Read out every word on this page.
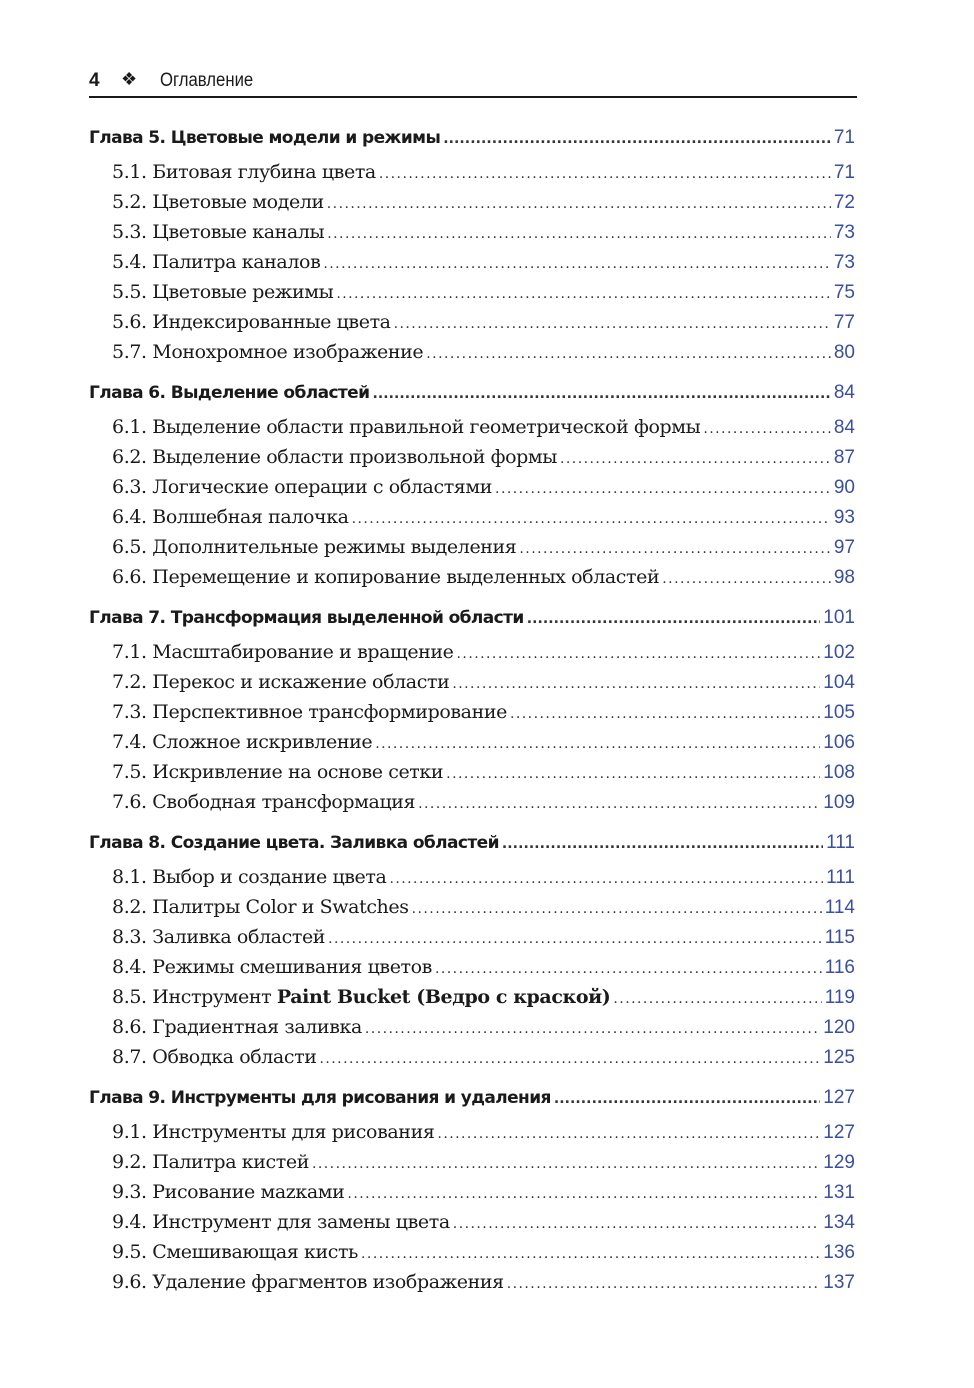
4 ❖ Оглавление
Глава 5. Цветовые модели и режимы . . .	71
5.1. Битовая глубина цвета . . .	71
5.2. Цветовые модели . . .	72
5.3. Цветовые каналы . . .	73
5.4. Палитра каналов . . .	73
5.5. Цветовые режимы . . .	75
5.6. Индексированные цвета . . .	77
5.7. Монохромное изображение . . .	80
Глава 6. Выделение областей . . .	84
6.1. Выделение области правильной геометрической формы . . .	84
6.2. Выделение области произвольной формы . . .	87
6.3. Логические операции с областями . . .	90
6.4. Волшебная палочка . . .	93
6.5. Дополнительные режимы выделения . . .	97
6.6. Перемещение и копирование выделенных областей . . .	98
Глава 7. Трансформация выделенной области . . .	101
7.1. Масштабирование и вращение . . .	102
7.2. Перекос и искажение области . . .	104
7.3. Перспективное трансформирование . . .	105
7.4. Сложное искривление . . .	106
7.5. Искривление на основе сетки . . .	108
7.6. Свободная трансформация . . .	109
Глава 8. Создание цвета. Заливка областей . . .	111
8.1. Выбор и создание цвета . . .	111
8.2. Палитры Color и Swatches . . .	114
8.3. Заливка областей . . .	115
8.4. Режимы смешивания цветов . . .	116
8.5. Инструмент Paint Bucket (Ведро с краской) . . .	119
8.6. Градиентная заливка . . .	120
8.7. Обводка области . . .	125
Глава 9. Инструменты для рисования и удаления . . .	127
9.1. Инструменты для рисования . . .	127
9.2. Палитра кистей . . .	129
9.3. Рисование маzками . . .	131
9.4. Инструмент для замены цвета . . .	134
9.5. Смешивающая кисть . . .	136
9.6. Удаление фрагментов изображения . . .	137
